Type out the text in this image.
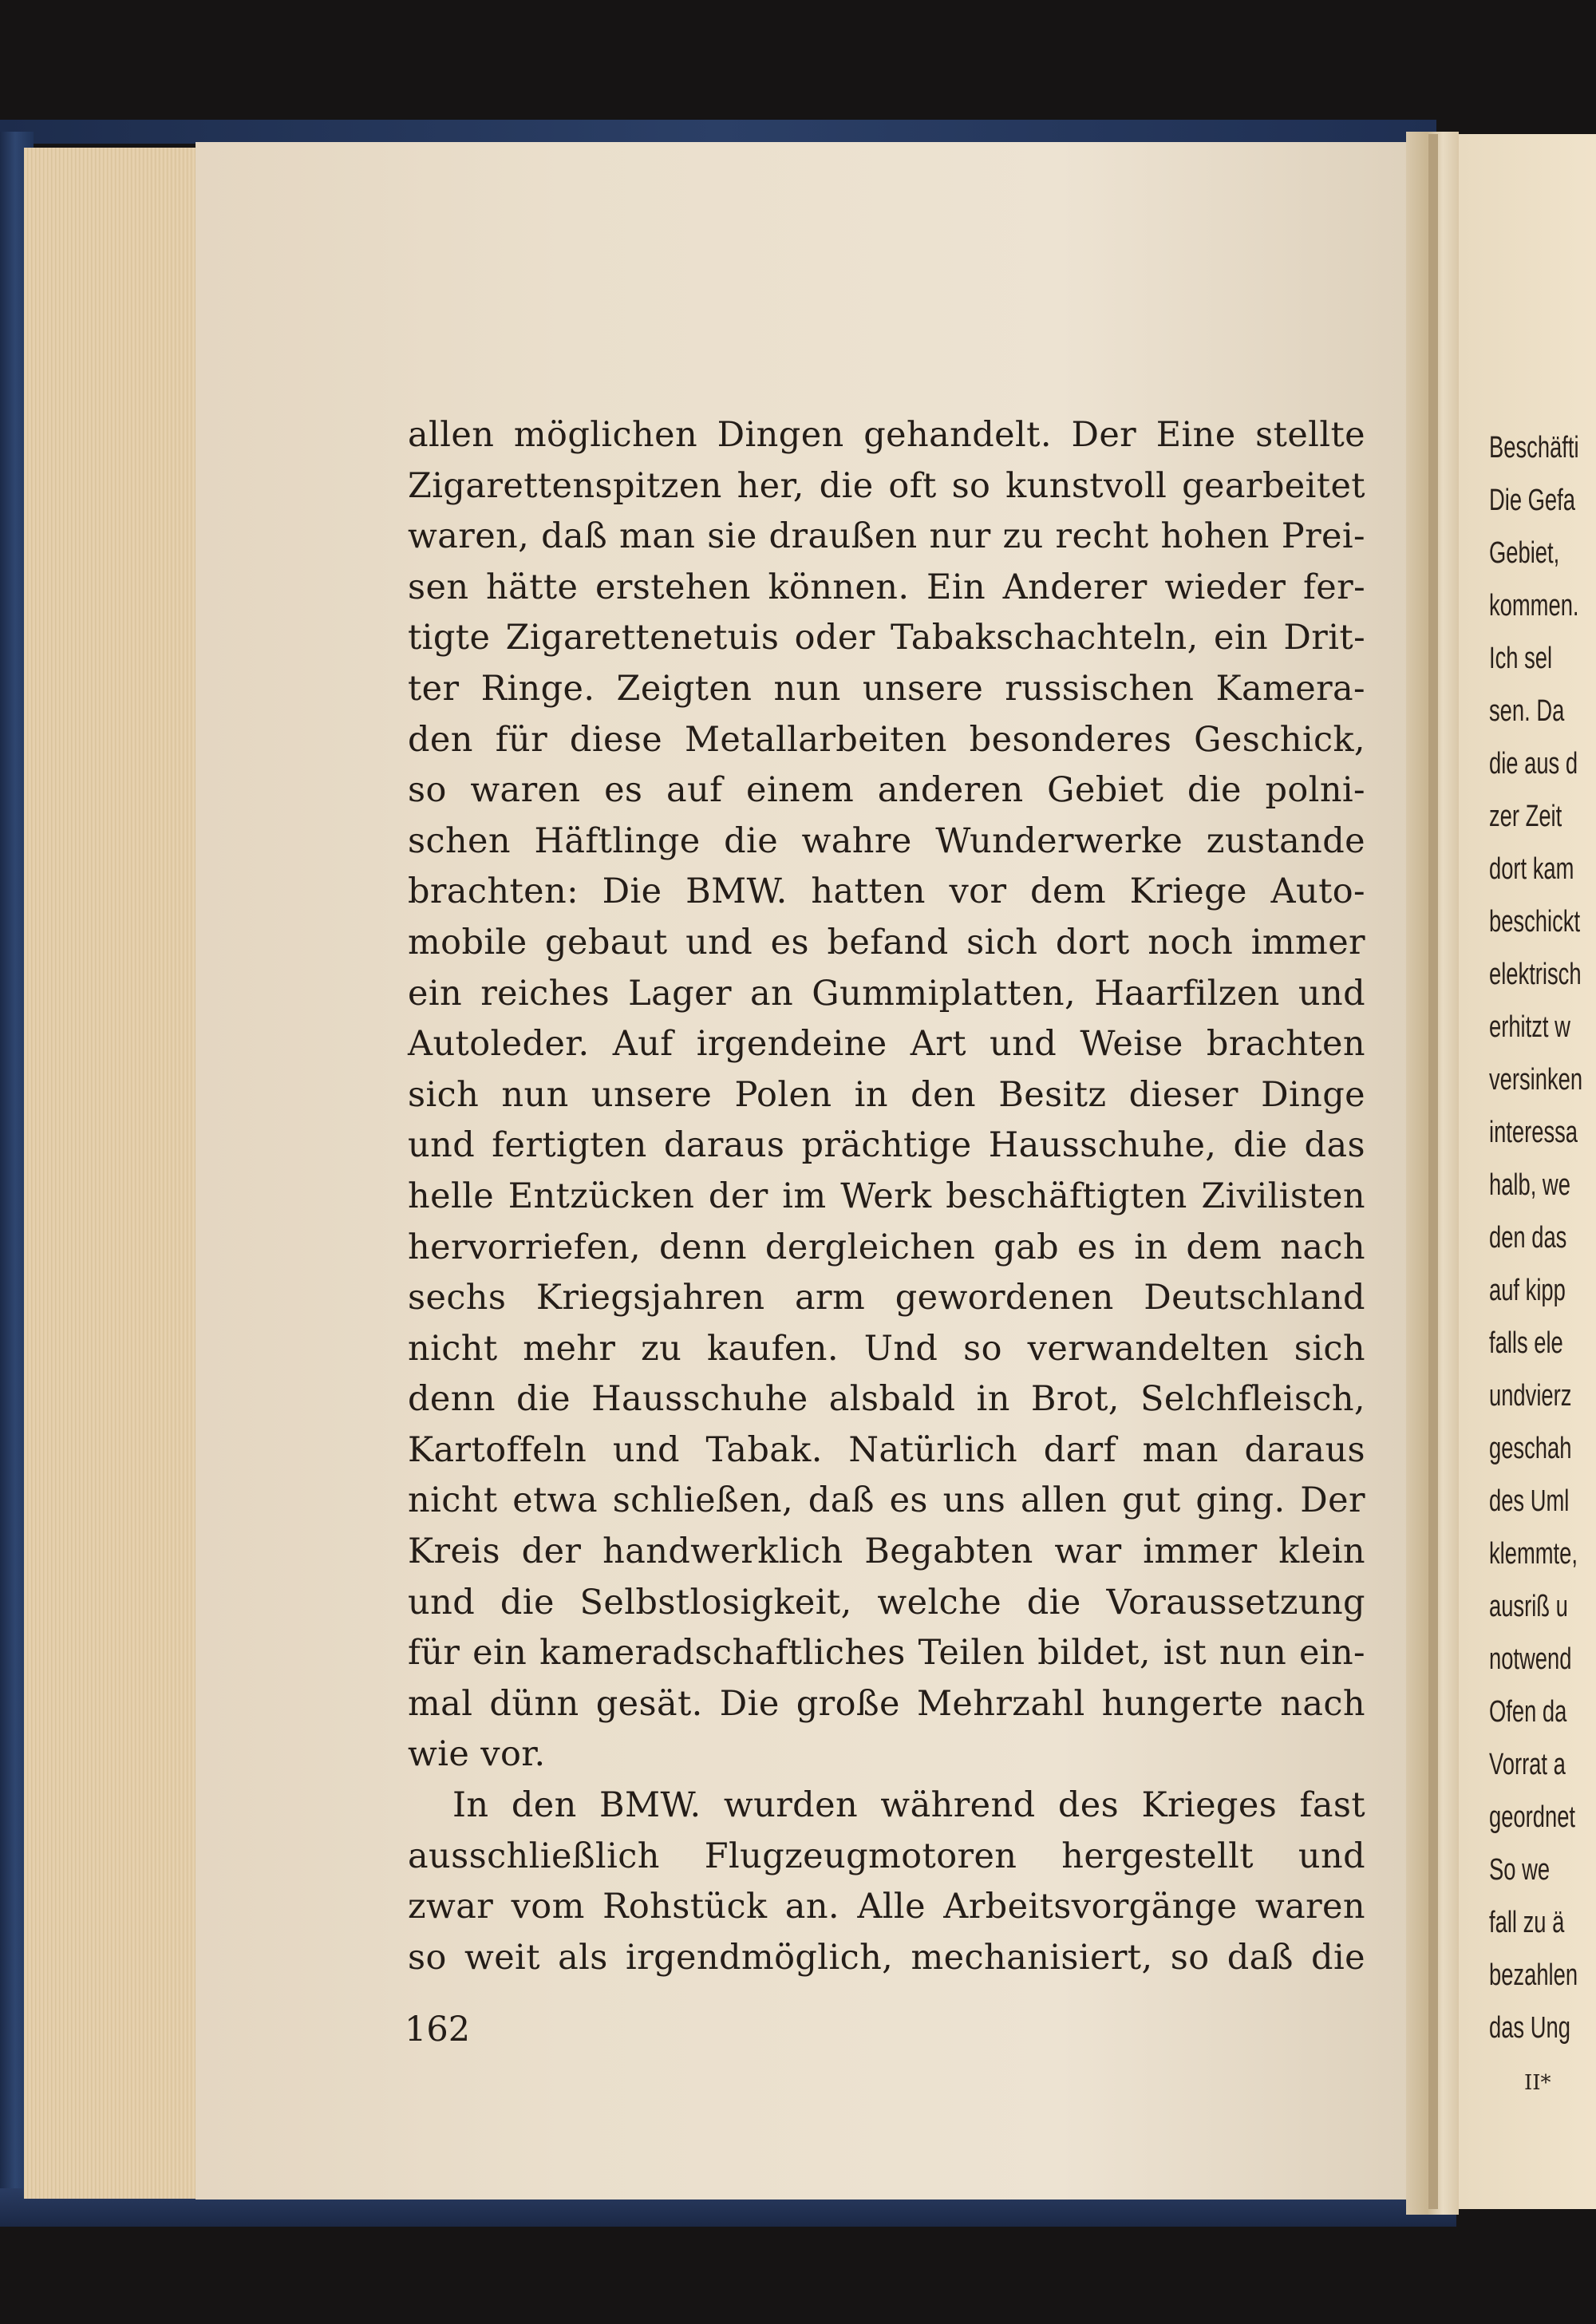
allen möglichen Dingen gehandelt. Der Eine stellte
Zigarettenspitzen her, die oft so kunstvoll gearbeitet
waren, daß man sie draußen nur zu recht hohen Prei-
sen hätte erstehen können. Ein Anderer wieder fer-
tigte Zigarettenetuis oder Tabakschachteln, ein Drit-
ter Ringe. Zeigten nun unsere russischen Kamera-
den für diese Metallarbeiten besonderes Geschick,
so waren es auf einem anderen Gebiet die polni-
schen Häftlinge die wahre Wunderwerke zustande
brachten: Die BMW. hatten vor dem Kriege Auto-
mobile gebaut und es befand sich dort noch immer
ein reiches Lager an Gummiplatten, Haarfilzen und
Autoleder. Auf irgendeine Art und Weise brachten
sich nun unsere Polen in den Besitz dieser Dinge
und fertigten daraus prächtige Hausschuhe, die das
helle Entzücken der im Werk beschäftigten Zivilisten
hervorriefen, denn dergleichen gab es in dem nach
sechs Kriegsjahren arm gewordenen Deutschland
nicht mehr zu kaufen. Und so verwandelten sich
denn die Hausschuhe alsbald in Brot, Selchfleisch,
Kartoffeln und Tabak. Natürlich darf man daraus
nicht etwa schließen, daß es uns allen gut ging. Der
Kreis der handwerklich Begabten war immer klein
und die Selbstlosigkeit, welche die Voraussetzung
für ein kameradschaftliches Teilen bildet, ist nun ein-
mal dünn gesät. Die große Mehrzahl hungerte nach
wie vor.
In den BMW. wurden während des Krieges fast
ausschließlich Flugzeugmotoren hergestellt und
zwar vom Rohstück an. Alle Arbeitsvorgänge waren
so weit als irgendmöglich, mechanisiert, so daß die
162
Beschäfti
Die Gefa
Gebiet,
kommen.
Ich sel
sen. Da
die aus d
zer Zeit
dort kam
beschickt
elektrisch
erhitzt w
versinken
interessa
halb, we
den das
auf kipp
falls ele
undvierz
geschah
des Uml
klemmte,
ausriß u
notwend
Ofen da
Vorrat a
geordnet
So we
fall zu ä
bezahlen
das Ung
II*
